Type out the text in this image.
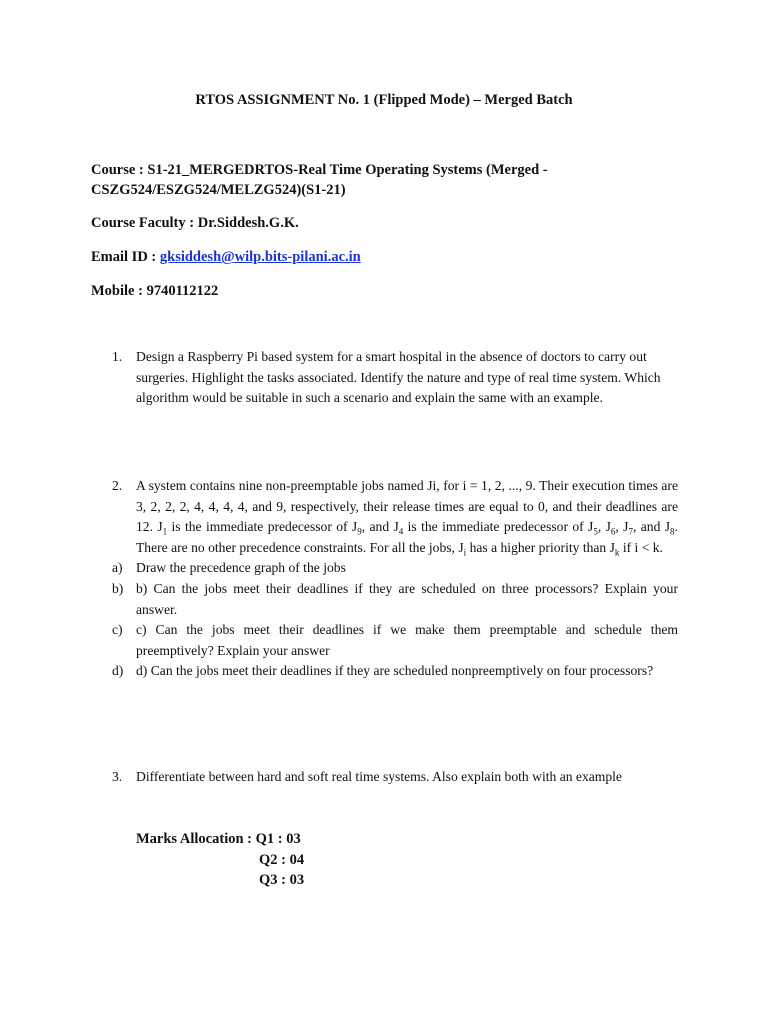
RTOS ASSIGNMENT No. 1 (Flipped Mode) – Merged Batch
Course : S1-21_MERGEDRTOS-Real Time Operating Systems (Merged -
CSZG524/ESZG524/MELZG524)(S1-21)
Course Faculty : Dr.Siddesh.G.K.
Email ID : gksiddesh@wilp.bits-pilani.ac.in
Mobile : 9740112122
1. Design a Raspberry Pi based system for a smart hospital in the absence of doctors to carry out surgeries. Highlight the tasks associated. Identify the nature and type of real time system. Which algorithm would be suitable in such a scenario and explain the same with an example.
2. A system contains nine non-preemptable jobs named Ji, for i = 1, 2, ..., 9. Their execution times are 3, 2, 2, 2, 4, 4, 4, 4, and 9, respectively, their release times are equal to 0, and their deadlines are 12. $J_1$ is the immediate predecessor of $J_9$, and $J_4$ is the immediate predecessor of $J_5$, $J_6$, $J_7$, and $J_8$. There are no other precedence constraints. For all the jobs, $J_i$ has a higher priority than $J_k$ if i < k.
a) Draw the precedence graph of the jobs
b) b) Can the jobs meet their deadlines if they are scheduled on three processors? Explain your answer.
c) c) Can the jobs meet their deadlines if we make them preemptable and schedule them preemptively? Explain your answer
d) d) Can the jobs meet their deadlines if they are scheduled nonpreemptively on four processors?
3. Differentiate between hard and soft real time systems. Also explain both with an example
Marks Allocation : Q1 : 03
Q2 : 04
Q3 : 03
